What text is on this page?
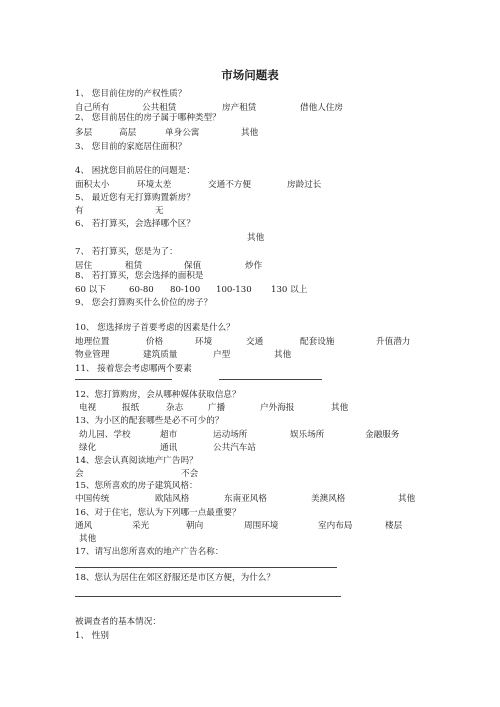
市场问题表
1、 您目前住房的产权性质？
自己所有	公共租赁	房产租赁	借他人住房
2、 您目前居住的房子属于哪种类型？
多层	高层	单身公寓	其他
3、 您目前的家庭居住面积？
4、 困扰您目前居住的问题是：
面积太小	环境太差	交通不方便	房龄过长
5、 最近您有无打算购置新房？
有	无
6、 若打算买，会选择哪个区？
其他
7、 若打算买，您是为了：
居住	租赁	保值	炒作
8、 若打算买，您会选择的面积是
60 以下	60-80 80-100 100-130 130 以上
9、 您会打算购买什么价位的房子？
10、 您选择房子首要考虑的因素是什么？
地理位置	价格	环境	交通	配套设施	升值潜力
物业管理	建筑质量	户型	其他
11、 接着您会考虑哪两个要素
12、您打算购房，会从哪种媒体获取信息？
电视	报纸	杂志	广播	户外海报	其他
13、为小区的配套哪些是必不可少的？
幼儿园、学校	超市	运动场所	娱乐场所	金融服务
绿化	通讯	公共汽车站
14、您会认真阅读地产广告吗？
会	不会
15、您所喜欢的房子建筑风格：
中国传统	欧陆风格	东南亚风格	美澳风格	其他
16、对于住宅，您认为下列哪一点最重要？
通风	采光	朝向	周围环境	室内布局	楼层
其他
17、请写出您所喜欢的地产广告名称：
18、您认为居住在郊区舒服还是市区方便，为什么？
被调查者的基本情况：
1、 性别
